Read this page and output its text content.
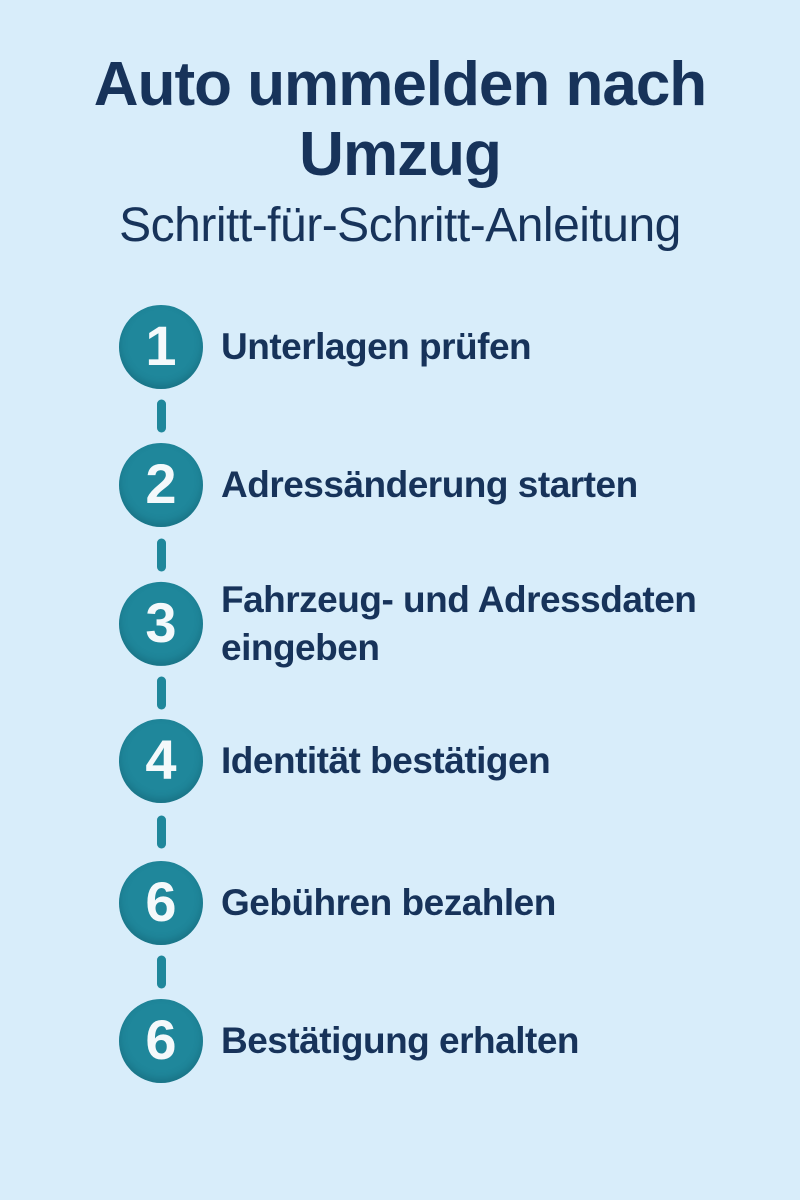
Auto ummelden nach Umzug
Schritt-für-Schritt-Anleitung
1 Unterlagen prüfen
2 Adressänderung starten
3 Fahrzeug- und Adressdaten eingeben
4 Identität bestätigen
6 Gebühren bezahlen
6 Bestätigung erhalten
